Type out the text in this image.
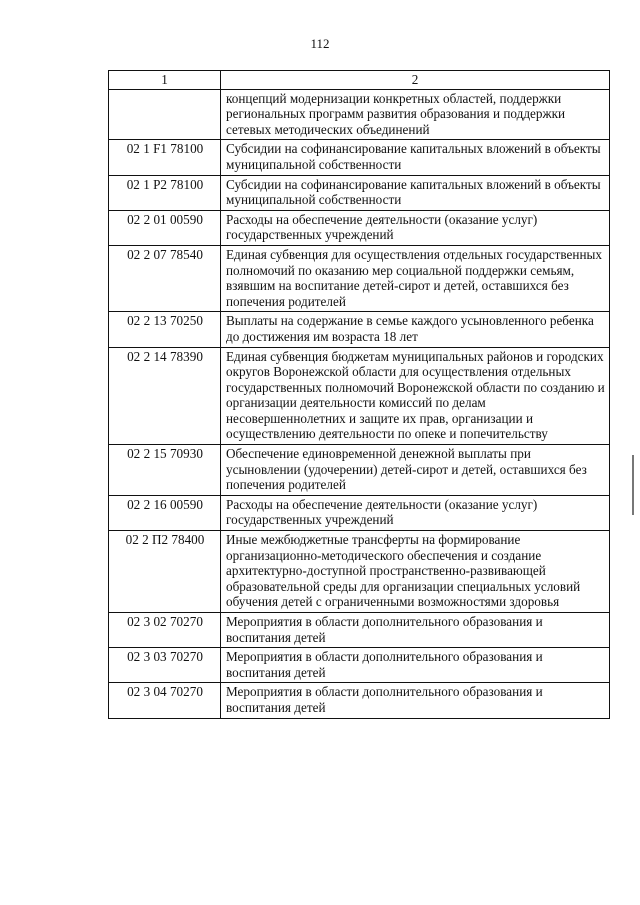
112
1	2
	концепций модернизации конкретных областей, поддержки региональных программ развития образования и поддержки сетевых методических объединений
02 1 F1 78100	Субсидии на софинансирование капитальных вложений в объекты муниципальной собственности
02 1 P2 78100	Субсидии на софинансирование капитальных вложений в объекты муниципальной собственности
02 2 01 00590	Расходы на обеспечение деятельности (оказание услуг) государственных учреждений
02 2 07 78540	Единая субвенция для осуществления отдельных государственных полномочий по оказанию мер социальной поддержки семьям, взявшим на воспитание детей-сирот и детей, оставшихся без попечения родителей
02 2 13 70250	Выплаты на содержание в семье каждого усыновленного ребенка до достижения им возраста 18 лет
02 2 14 78390	Единая субвенция бюджетам муниципальных районов и городских округов Воронежской области для осуществления отдельных государственных полномочий Воронежской области по созданию и организации деятельности комиссий по делам несовершеннолетних и защите их прав, организации и осуществлению деятельности по опеке и попечительству
02 2 15 70930	Обеспечение единовременной денежной выплаты при усыновлении (удочерении) детей-сирот и детей, оставшихся без попечения родителей
02 2 16 00590	Расходы на обеспечение деятельности (оказание услуг) государственных учреждений
02 2 П2 78400	Иные межбюджетные трансферты на формирование организационно-методического обеспечения и создание архитектурно-доступной пространственно-развивающей образовательной среды для организации специальных условий обучения детей с ограниченными возможностями здоровья
02 3 02 70270	Мероприятия в области дополнительного образования и воспитания детей
02 3 03 70270	Мероприятия в области дополнительного образования и воспитания детей
02 3 04 70270	Мероприятия в области дополнительного образования и воспитания детей
